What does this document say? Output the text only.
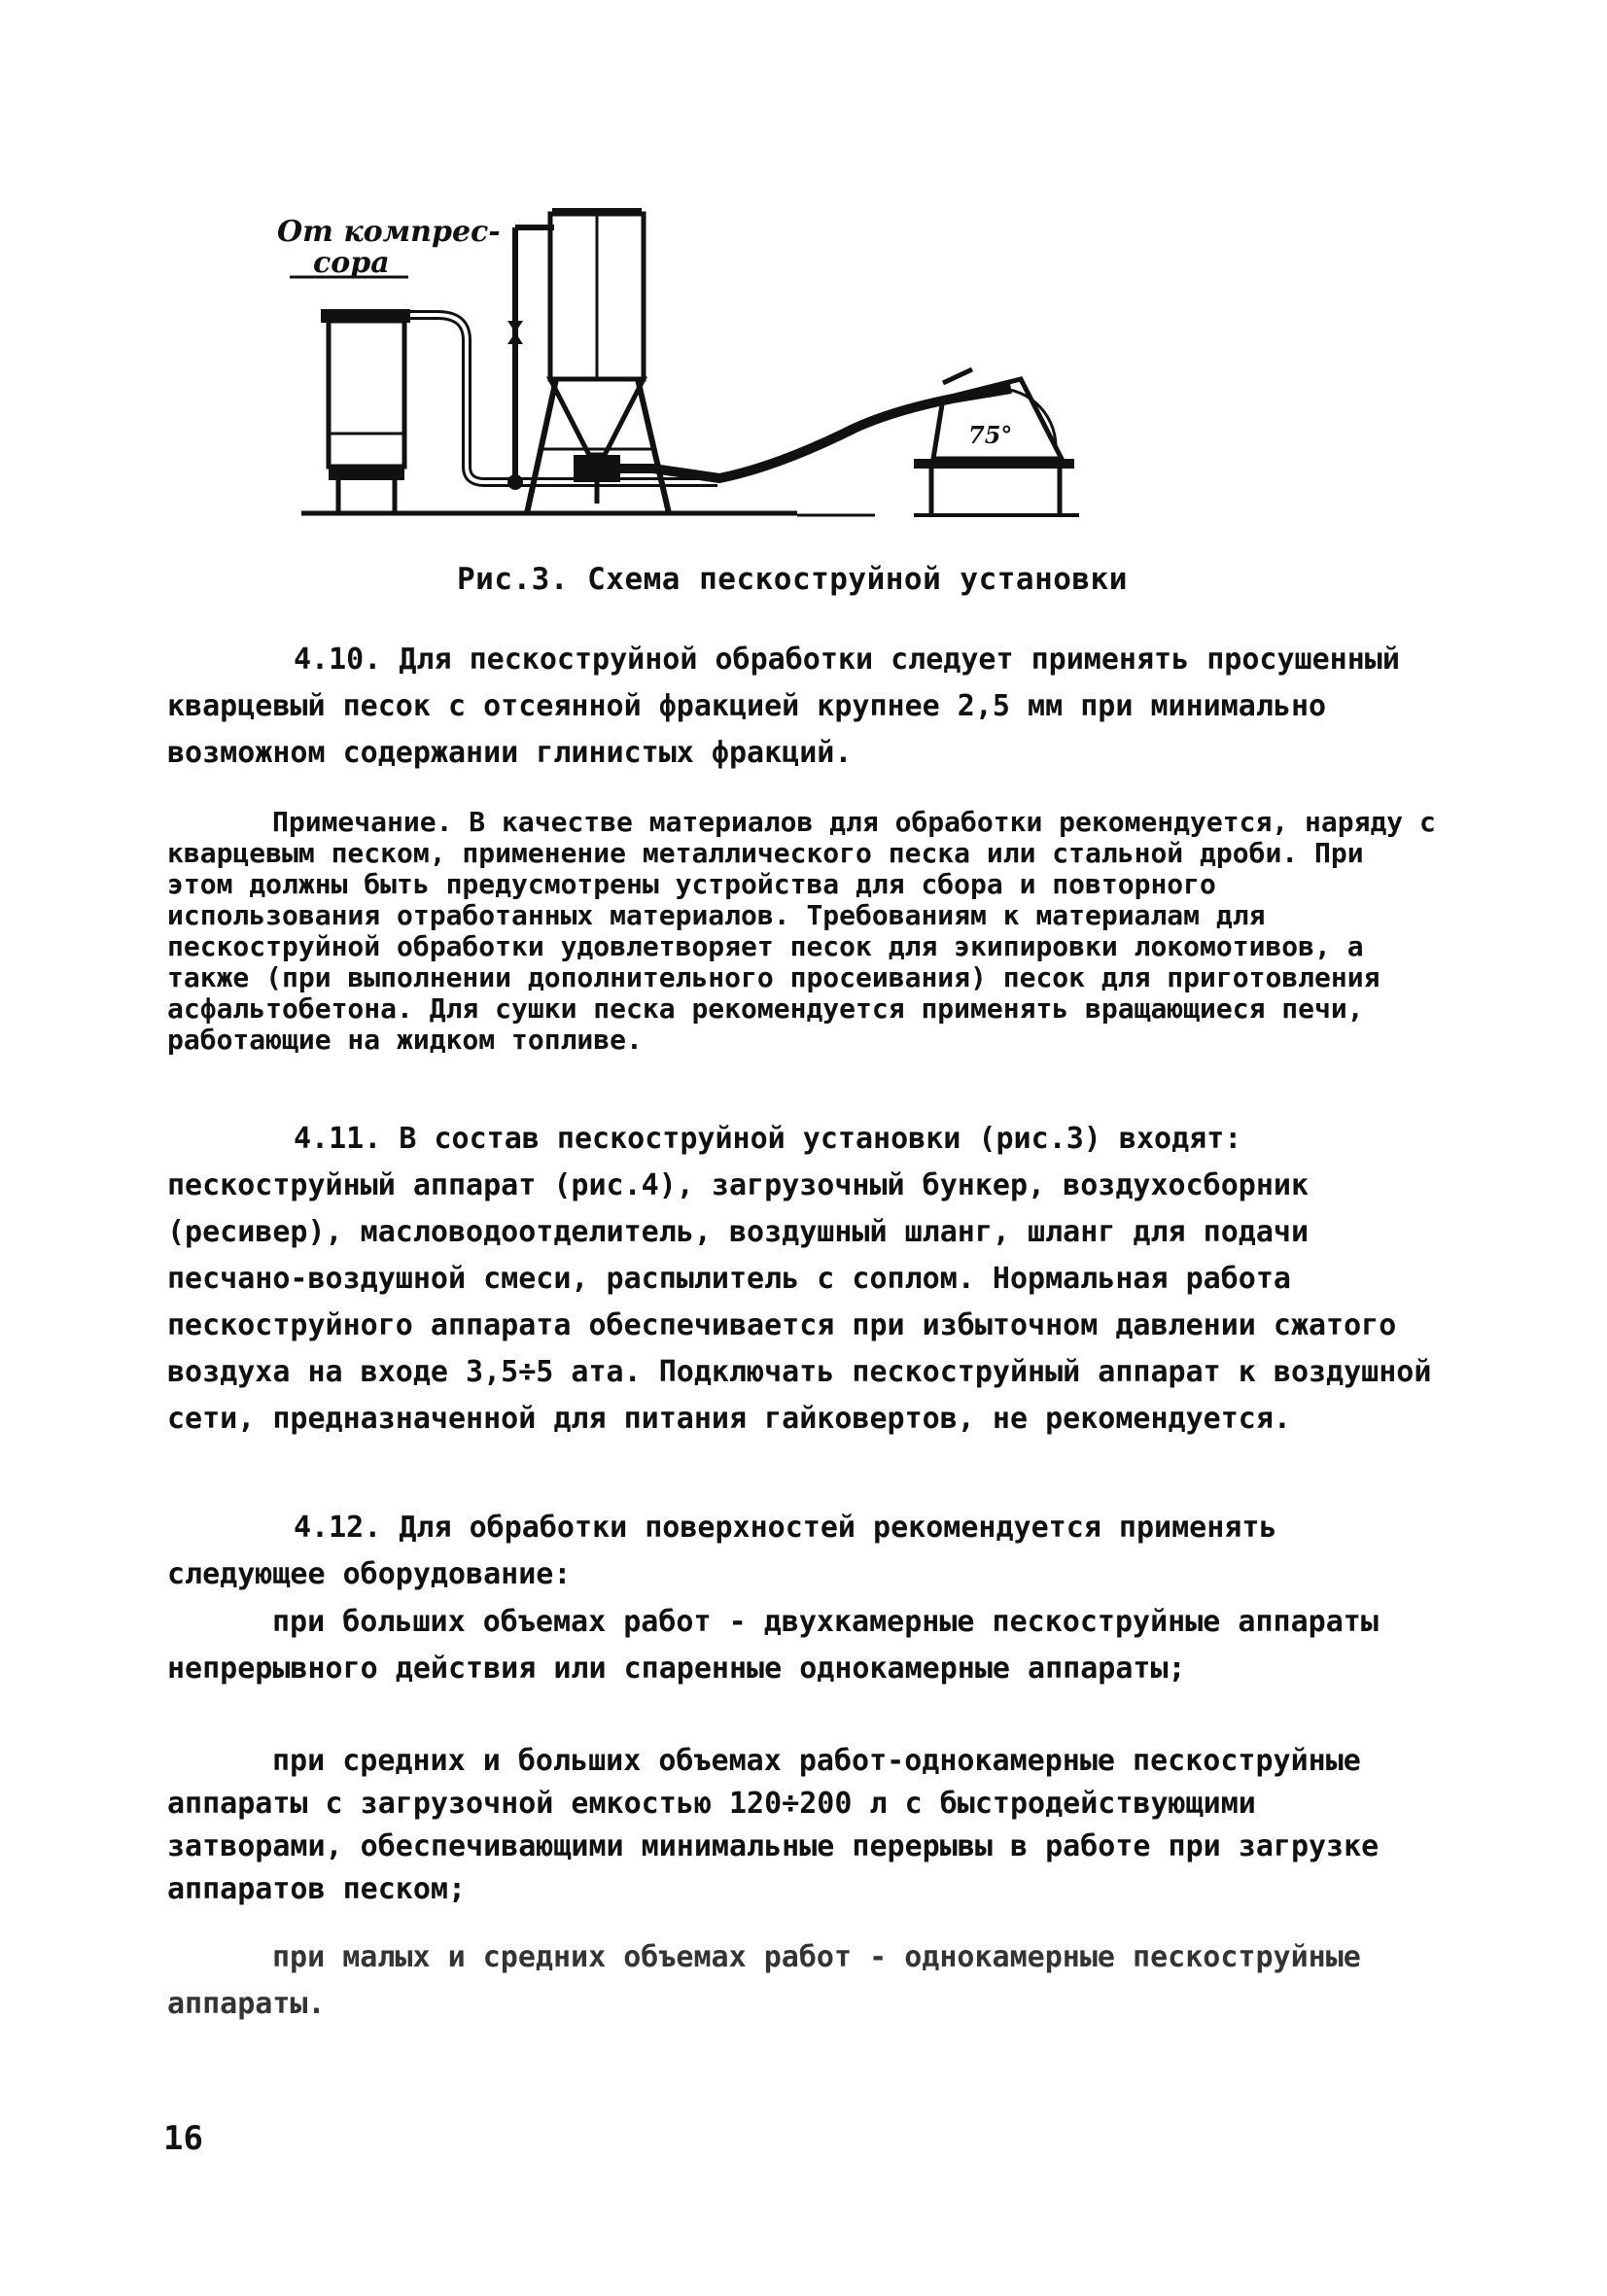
От компрес-
сора
75°
Рис.3. Схема пескоструйной установки
4.10. Для пескоструйной обработки следует применять просушенный кварцевый песок с отсеянной фракцией крупнее 2,5 мм при минимально возможном содержании глинистых фракций.
Примечание. В качестве материалов для обработки рекомендуется, наряду с кварцевым песком, применение металлического песка или стальной дроби. При этом должны быть предусмотрены устройства для сбора и повторного использования отработанных материалов. Требованиям к материалам для пескоструйной обработки удовлетворяет песок для экипировки локомотивов, а также (при выполнении дополнительного просеивания) песок для приготовления асфальтобетона. Для сушки песка рекомендуется применять вращающиеся печи, работающие на жидком топливе.
4.11. В состав пескоструйной установки (рис.3) входят: пескоструйный аппарат (рис.4), загрузочный бункер, воздухосборник (ресивер), масловодоотделитель, воздушный шланг, шланг для подачи песчано-воздушной смеси, распылитель с соплом. Нормальная работа пескоструйного аппарата обеспечивается при избыточном давлении сжатого воздуха на входе 3,5÷5 ата. Подключать пескоструйный аппарат к воздушной сети, предназначенной для питания гайковертов, не рекомендуется.
4.12. Для обработки поверхностей рекомендуется применять следующее оборудование:
при больших объемах работ - двухкамерные пескоструйные аппараты непрерывного действия или спаренные однокамерные аппараты;
при средних и больших объемах работ-однокамерные пескоструйные аппараты с загрузочной емкостью 120÷200 л с быстродействующими затворами, обеспечивающими минимальные перерывы в работе при загрузке аппаратов песком;
при малых и средних объемах работ - однокамерные пескоструйные аппараты.
16
